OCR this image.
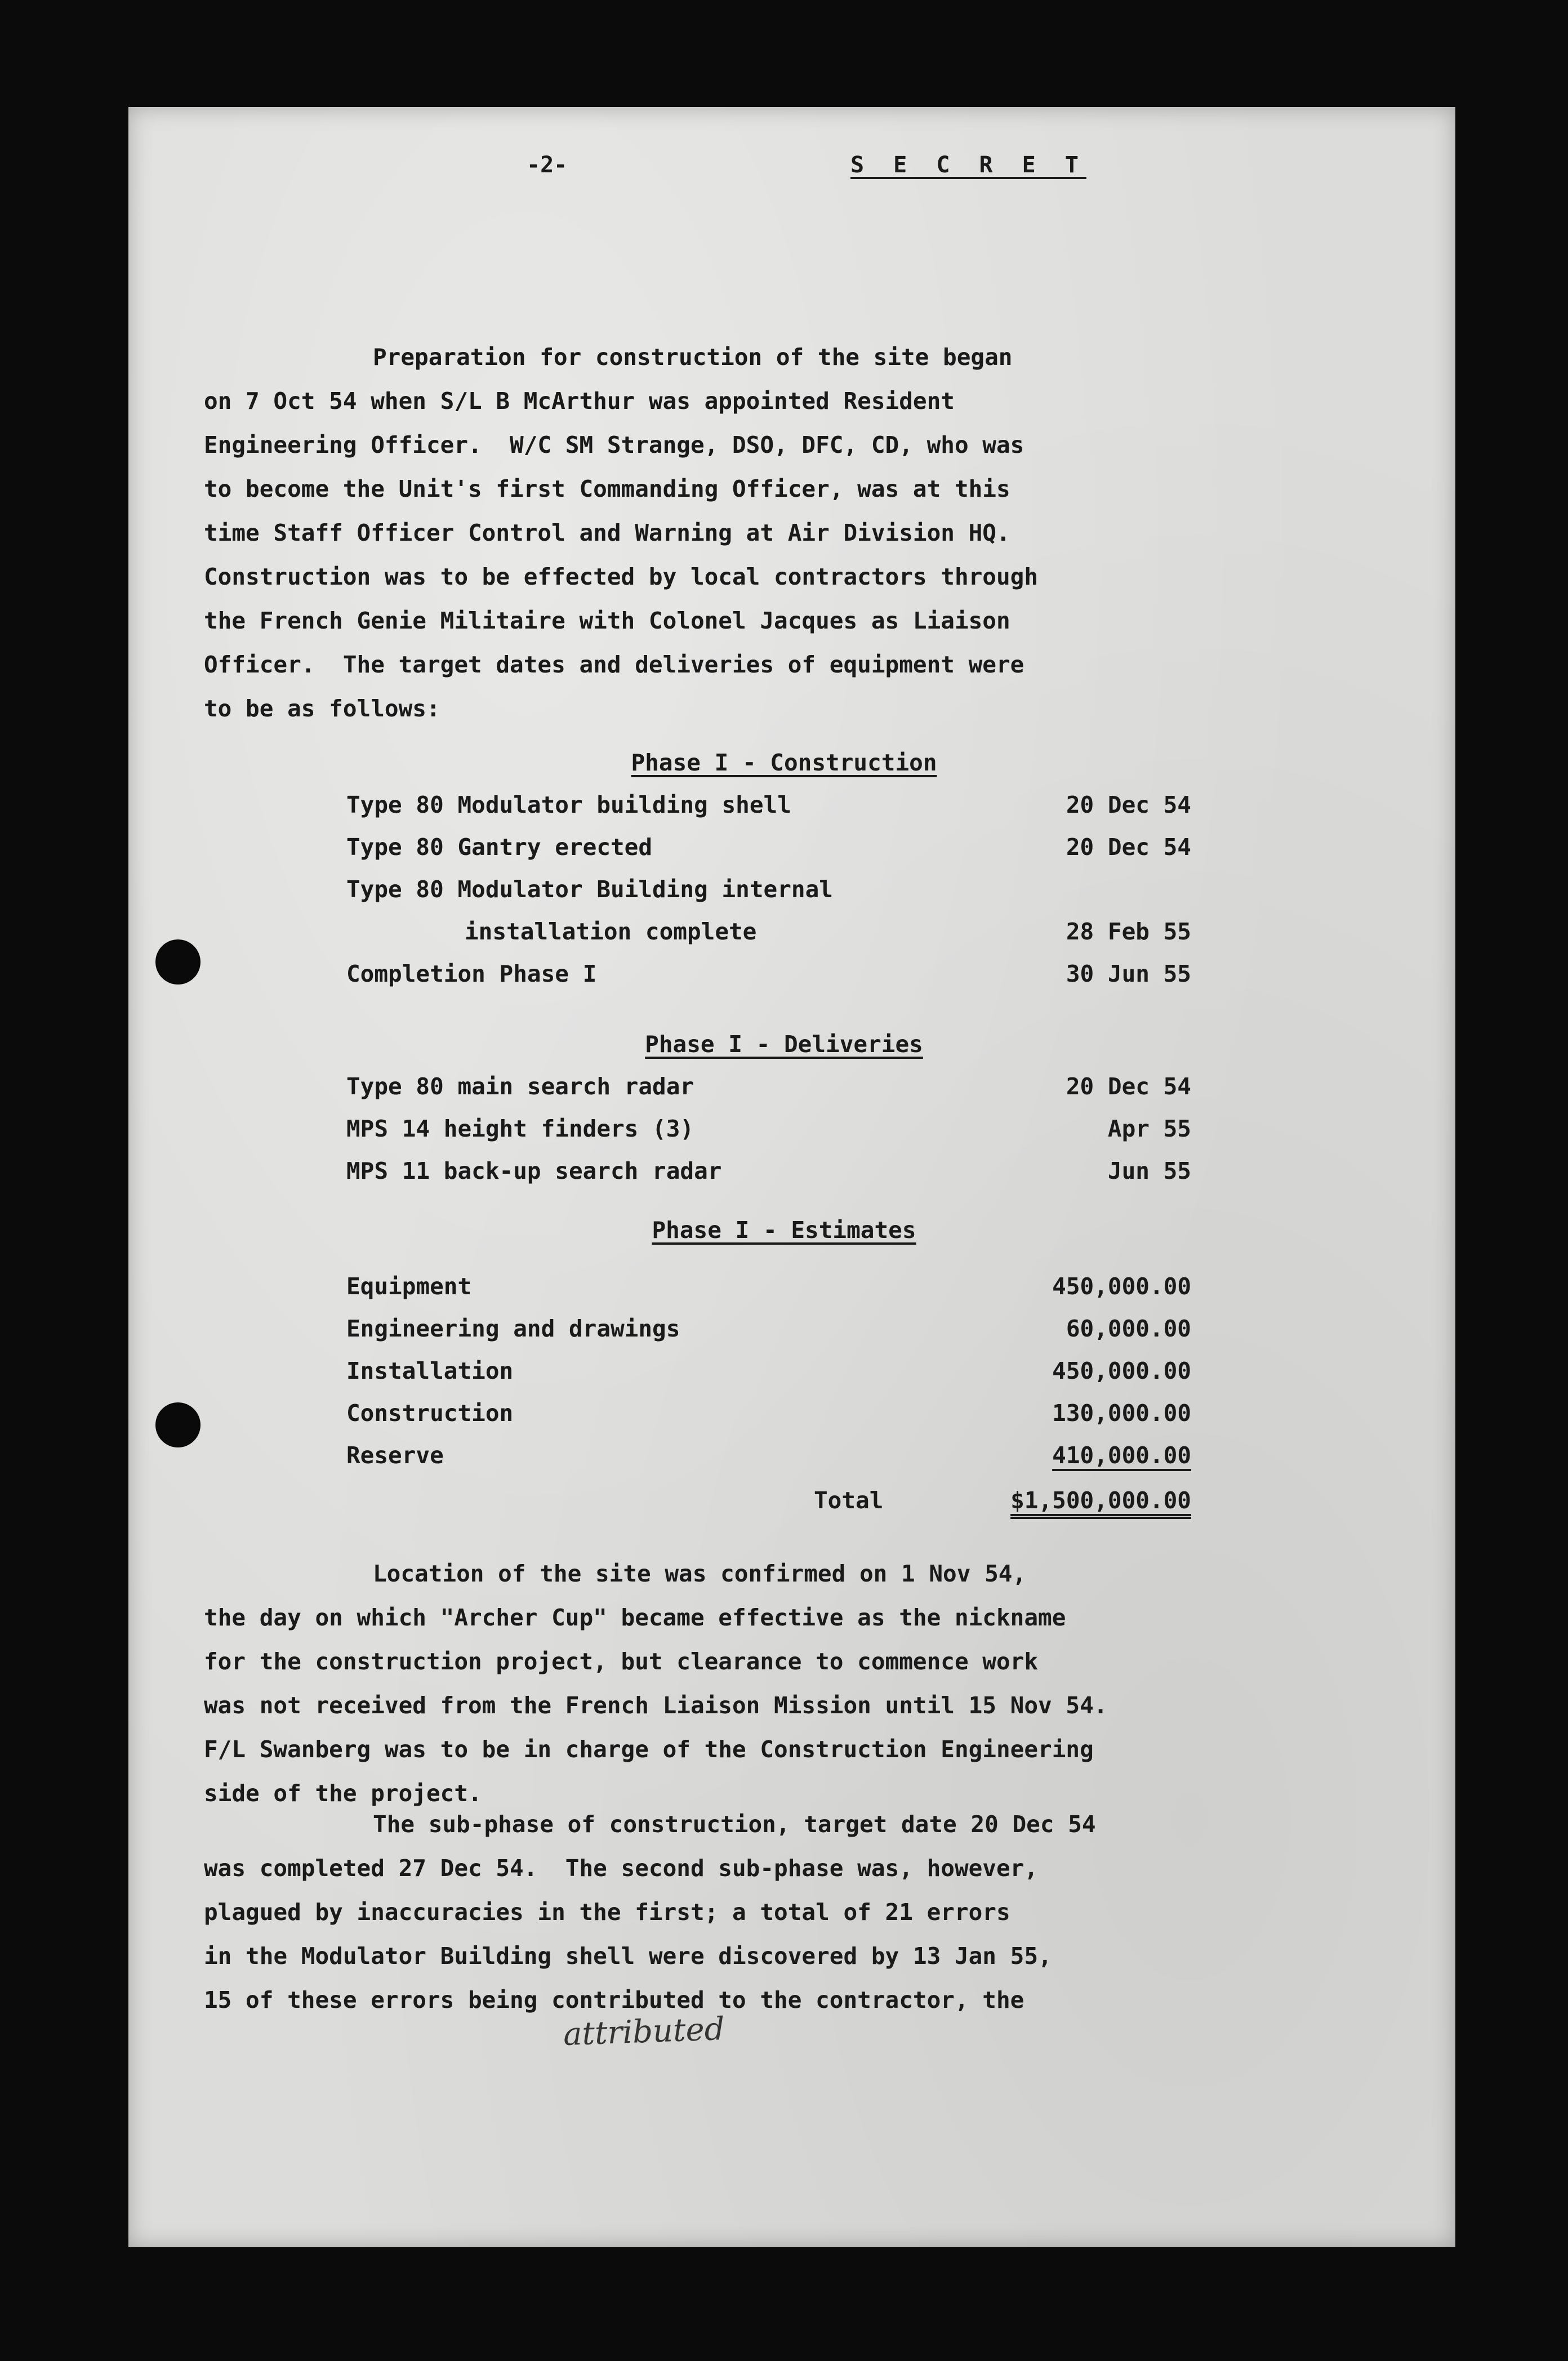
-2-	S E C R E T

Preparation for construction of the site began
on 7 Oct 54 when S/L B McArthur was appointed Resident
Engineering Officer.  W/C SM Strange, DSO, DFC, CD, who was
to become the Unit's first Commanding Officer, was at this
time Staff Officer Control and Warning at Air Division HQ.
Construction was to be effected by local contractors through
the French Genie Militaire with Colonel Jacques as Liaison
Officer.  The target dates and deliveries of equipment were
to be as follows:

Phase I - Construction
Type 80 Modulator building shell	20 Dec 54
Type 80 Gantry erected	20 Dec 54
Type 80 Modulator Building internal
installation complete	28 Feb 55
Completion Phase I	30 Jun 55
Phase I - Deliveries
Type 80 main search radar	20 Dec 54
MPS 14 height finders (3)	Apr 55
MPS 11 back-up search radar	Jun 55
Phase I - Estimates
Equipment	450,000.00
Engineering and drawings	60,000.00
Installation	450,000.00
Construction	130,000.00
Reserve	410,000.00
Total	$1,500,000.00

Location of the site was confirmed on 1 Nov 54,
the day on which "Archer Cup" became effective as the nickname
for the construction project, but clearance to commence work
was not received from the French Liaison Mission until 15 Nov 54.
F/L Swanberg was to be in charge of the Construction Engineering
side of the project.

The sub-phase of construction, target date 20 Dec 54
was completed 27 Dec 54.  The second sub-phase was, however,
plagued by inaccuracies in the first; a total of 21 errors
in the Modulator Building shell were discovered by 13 Jan 55,
15 of these errors being contributed to the contractor, the

attributed
